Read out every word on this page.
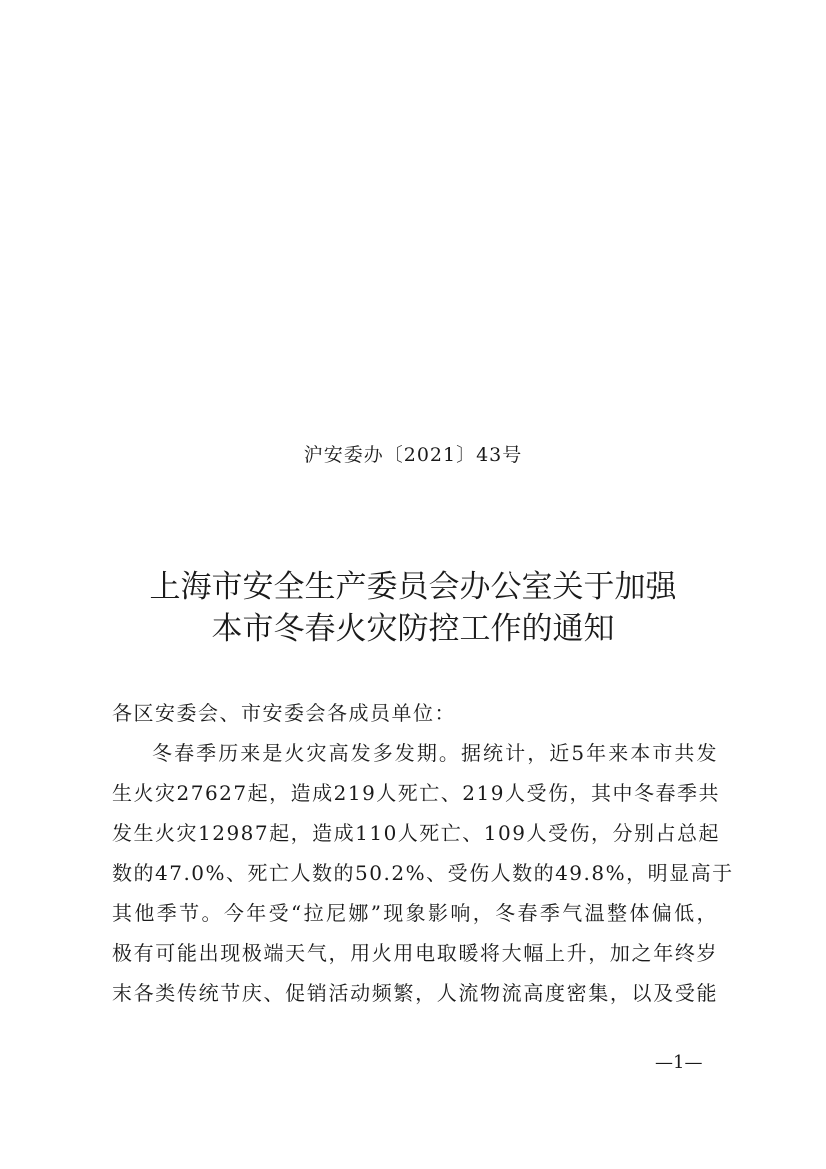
沪安委办〔2021〕43号
上海市安全生产委员会办公室关于加强
本市冬春火灾防控工作的通知
各区安委会、市安委会各成员单位：
冬春季历来是火灾高发多发期。据统计，近5年来本市共发
生火灾27627起，造成219人死亡、219人受伤，其中冬春季共
发生火灾12987起，造成110人死亡、109人受伤，分别占总起
数的47.0%、死亡人数的50.2%、受伤人数的49.8%，明显高于
其他季节。今年受“拉尼娜”现象影响，冬春季气温整体偏低，
极有可能出现极端天气，用火用电取暖将大幅上升，加之年终岁
末各类传统节庆、促销活动频繁，人流物流高度密集，以及受能
—1—
